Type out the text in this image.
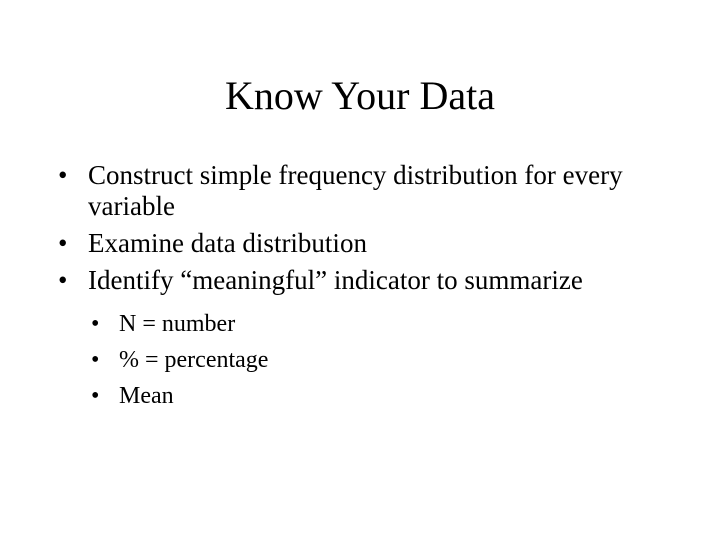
Know Your Data
• Construct simple frequency distribution for every variable
• Examine data distribution
• Identify “meaningful” indicator to summarize
• N = number
• % = percentage
• Mean
